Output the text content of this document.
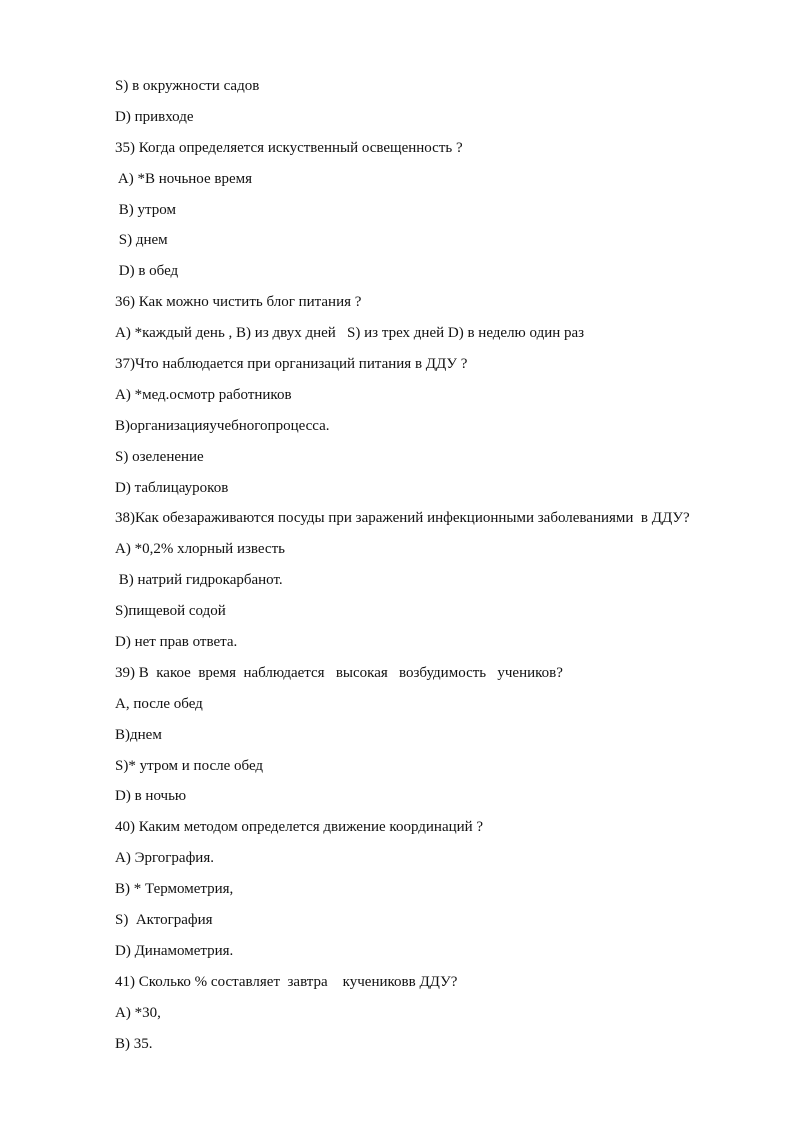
S) в окружности садов
D) привходе
35) Когда определяется искуственный освещенность ?
A) *В ночьное время
B) утром
S) днем
D) в обед
36) Как можно чистить блог питания ?
A) *каждый день , B) из двух дней   S) из трех дней D) в неделю один раз
37)Что наблюдается при организаций питания в ДДУ ?
A) *мед.осмотр работников
B)организацияучебногопроцесса.
S) озеленение
D) таблицауроков
38)Как обезараживаются посуды при заражений инфекционными заболеваниями  в ДДУ?
A) *0,2% хлорный известь
B) натрий гидрокарбанот.
S)пищевой содой
D) нет прав ответа.
39) В  какое  время  наблюдается   высокая   возбудимость   учеников?
A, после обед
B)днем
S)* утром и после обед
D) в ночью
40) Каким методом определется движение координаций ?
A) Эргография.
B) * Термометрия,
S)  Актография
D) Динамометрия.
41) Сколько % составляет  завтра    кучениковв ДДУ?
A) *30,
B) 35.
